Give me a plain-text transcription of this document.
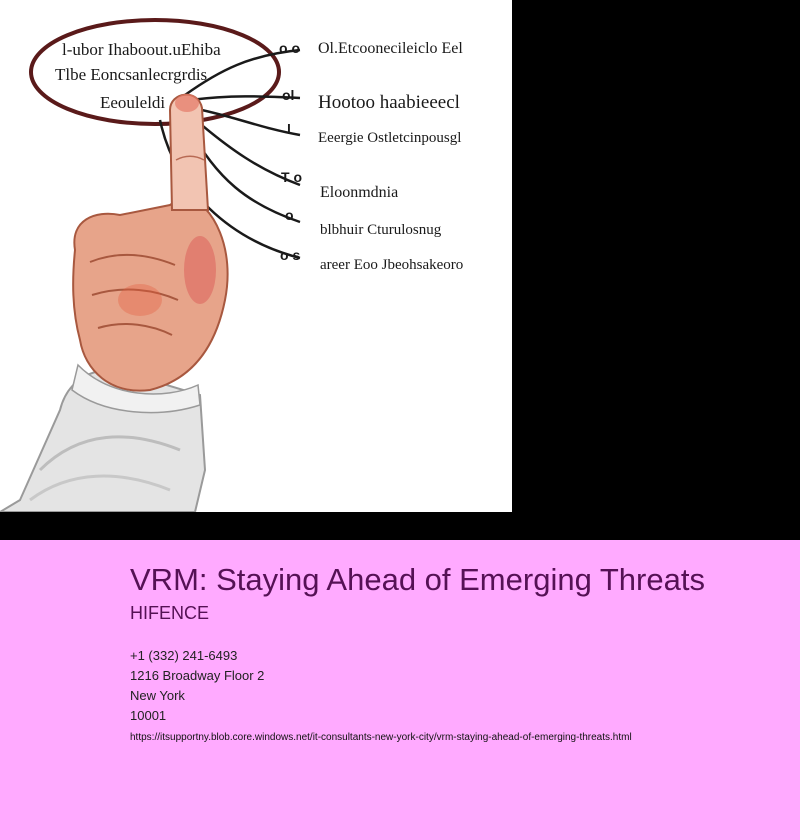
l-ubor Ihaboout.uEhiba
Tlbe Eoncsanlecrgrdis
Eeouleldi
o o
ol
l
T o
o
o s
Ol.Etcoonecileiclo Eel
Hootoo haabieeecl
Eeergie Ostletcinpousgl
Eloonmdnia
blbhuir Cturulosnug
areer Eoo Jbeohsakeoro
VRM: Staying Ahead of Emerging Threats
HIFENCE
+1 (332) 241-6493
1216 Broadway Floor 2
New York
10001
https://itsupportny.blob.core.windows.net/it-consultants-new-york-city/vrm-staying-ahead-of-emerging-threats.html
